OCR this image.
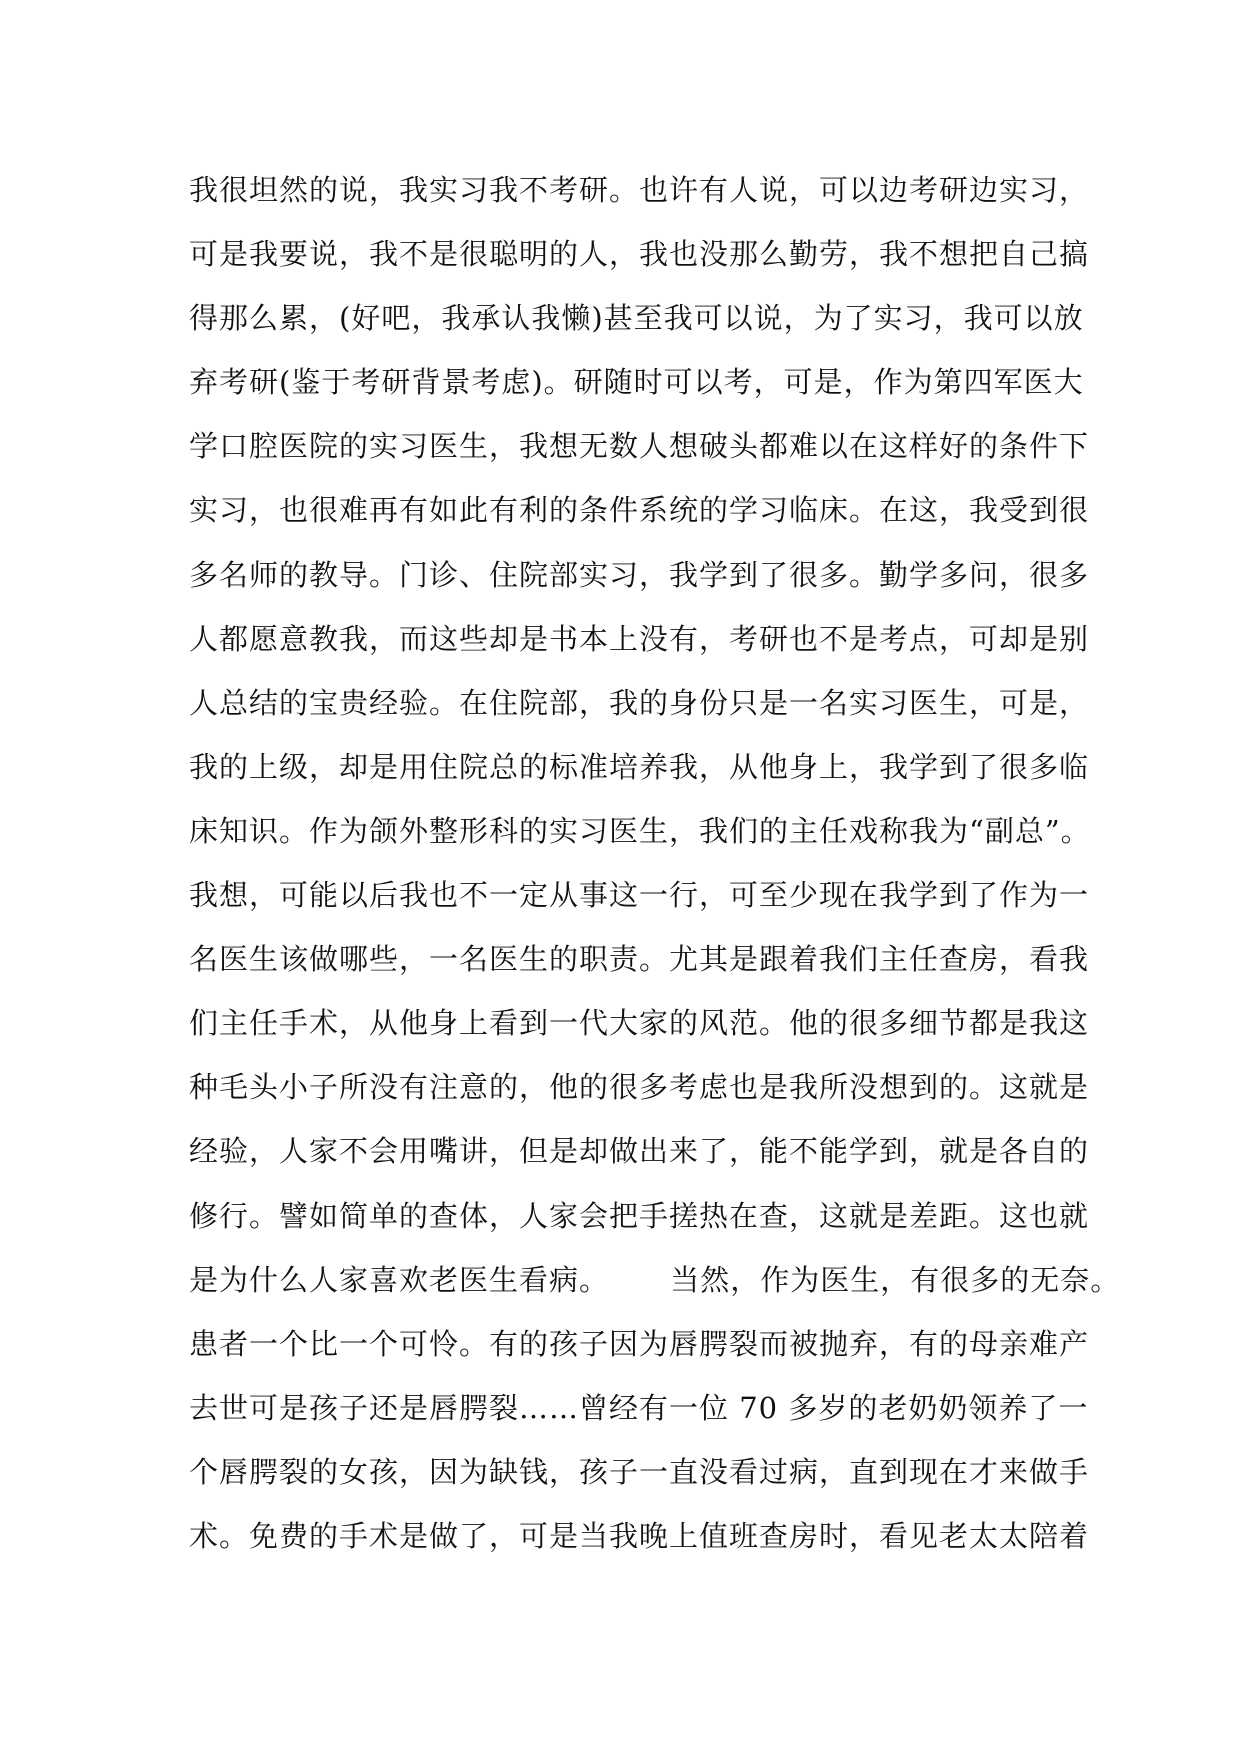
我很坦然的说，我实习我不考研。也许有人说，可以边考研边实习，
可是我要说，我不是很聪明的人，我也没那么勤劳，我不想把自己搞
得那么累，(好吧，我承认我懒)甚至我可以说，为了实习，我可以放
弃考研(鉴于考研背景考虑)。研随时可以考，可是，作为第四军医大
学口腔医院的实习医生，我想无数人想破头都难以在这样好的条件下
实习，也很难再有如此有利的条件系统的学习临床。在这，我受到很
多名师的教导。门诊、住院部实习，我学到了很多。勤学多问，很多
人都愿意教我，而这些却是书本上没有，考研也不是考点，可却是别
人总结的宝贵经验。在住院部，我的身份只是一名实习医生，可是，
我的上级，却是用住院总的标准培养我，从他身上，我学到了很多临
床知识。作为颌外整形科的实习医生，我们的主任戏称我为“副总”。
我想，可能以后我也不一定从事这一行，可至少现在我学到了作为一
名医生该做哪些，一名医生的职责。尤其是跟着我们主任查房，看我
们主任手术，从他身上看到一代大家的风范。他的很多细节都是我这
种毛头小子所没有注意的，他的很多考虑也是我所没想到的。这就是
经验，人家不会用嘴讲，但是却做出来了，能不能学到，就是各自的
修行。譬如简单的查体，人家会把手搓热在查，这就是差距。这也就
是为什么人家喜欢老医生看病。      当然，作为医生，有很多的无奈。
患者一个比一个可怜。有的孩子因为唇腭裂而被抛弃，有的母亲难产
去世可是孩子还是唇腭裂……曾经有一位 70 多岁的老奶奶领养了一
个唇腭裂的女孩，因为缺钱，孩子一直没看过病，直到现在才来做手
术。免费的手术是做了，可是当我晚上值班查房时，看见老太太陪着
